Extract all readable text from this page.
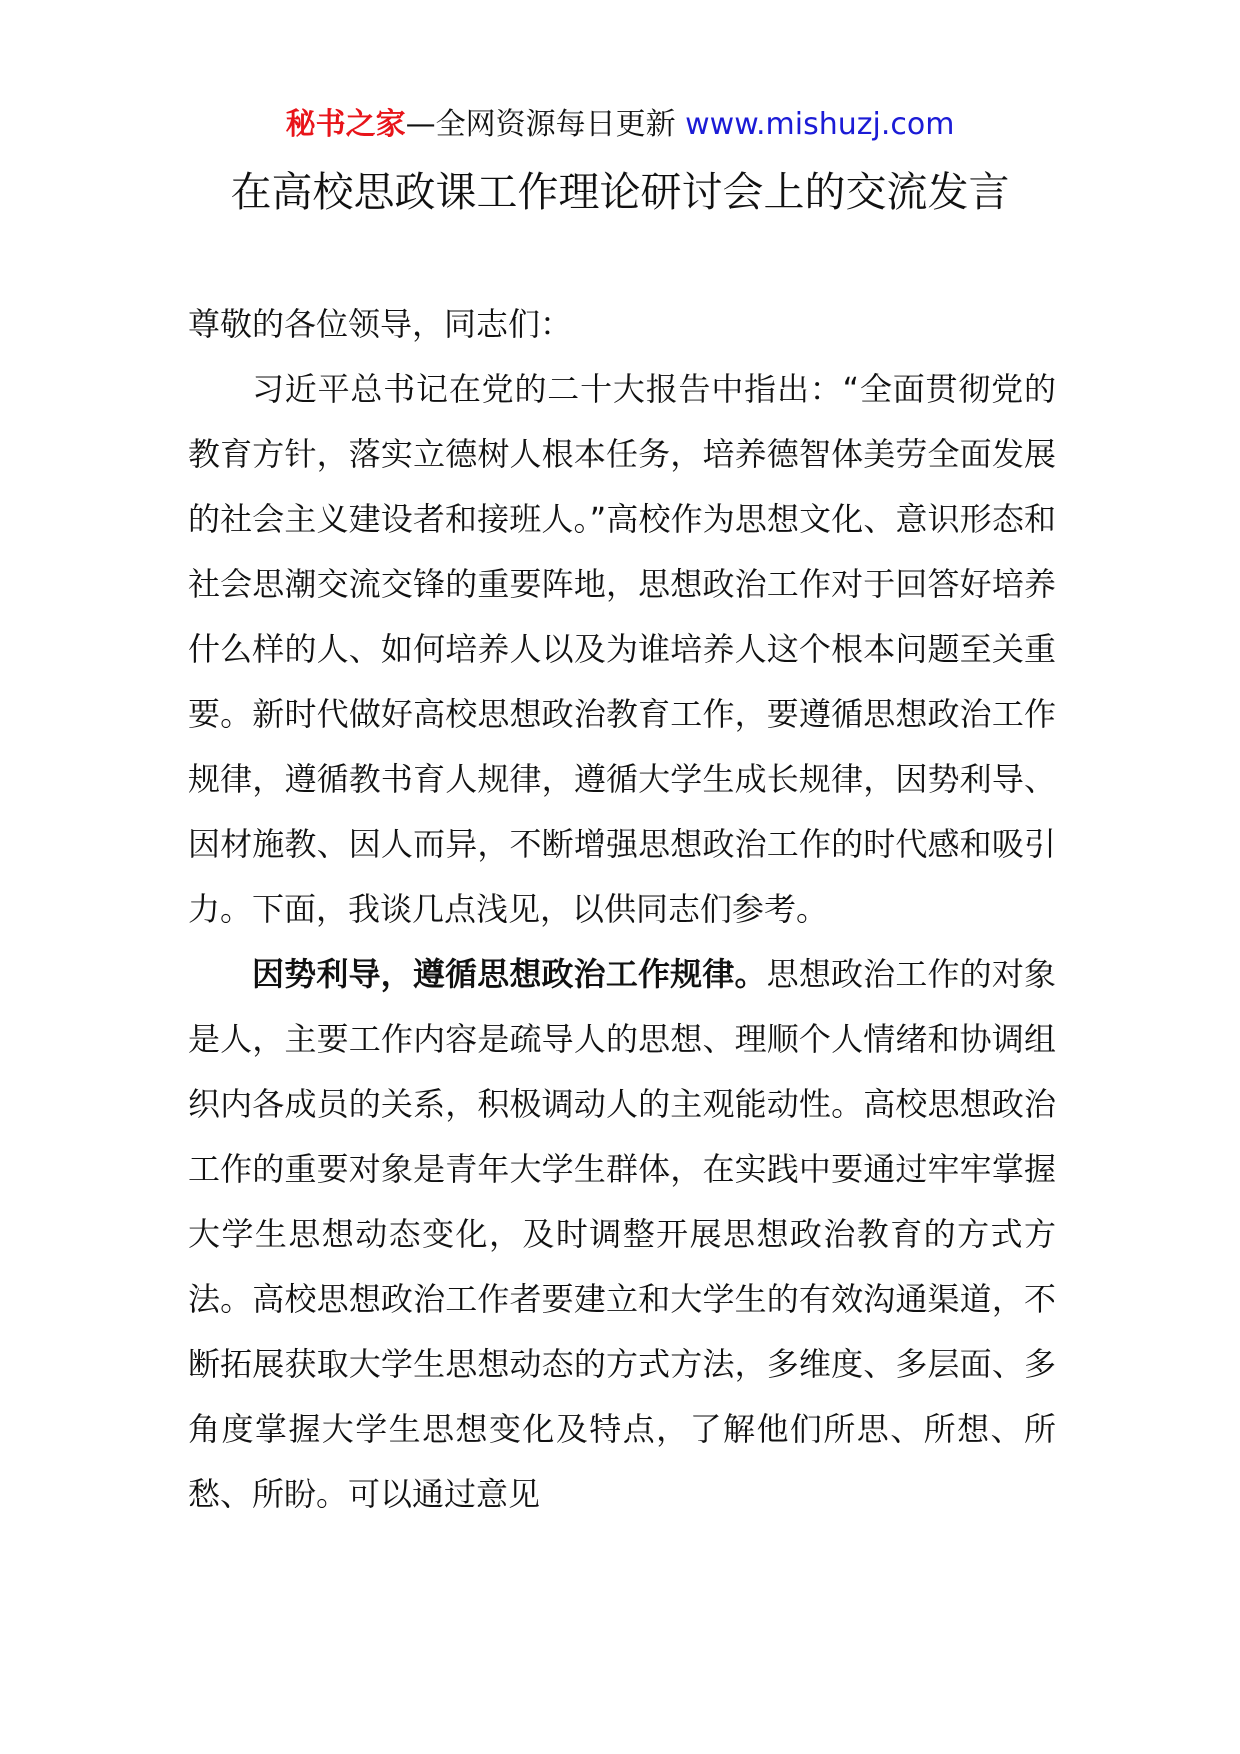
秘书之家—全网资源每日更新 www.mishuzj.com
在高校思政课工作理论研讨会上的交流发言

尊敬的各位领导，同志们：

习近平总书记在党的二十大报告中指出：“全面贯彻党的教育方针，落实立德树人根本任务，培养德智体美劳全面发展的社会主义建设者和接班人。”高校作为思想文化、意识形态和社会思潮交流交锋的重要阵地，思想政治工作对于回答好培养什么样的人、如何培养人以及为谁培养人这个根本问题至关重要。新时代做好高校思想政治教育工作，要遵循思想政治工作规律，遵循教书育人规律，遵循大学生成长规律，因势利导、因材施教、因人而异，不断增强思想政治工作的时代感和吸引力。下面，我谈几点浅见，以供同志们参考。

因势利导，遵循思想政治工作规律。思想政治工作的对象是人，主要工作内容是疏导人的思想、理顺个人情绪和协调组织内各成员的关系，积极调动人的主观能动性。高校思想政治工作的重要对象是青年大学生群体，在实践中要通过牢牢掌握大学生思想动态变化，及时调整开展思想政治教育的方式方法。高校思想政治工作者要建立和大学生的有效沟通渠道，不断拓展获取大学生思想动态的方式方法，多维度、多层面、多角度掌握大学生思想变化及特点，了解他们所思、所想、所愁、所盼。可以通过意见
